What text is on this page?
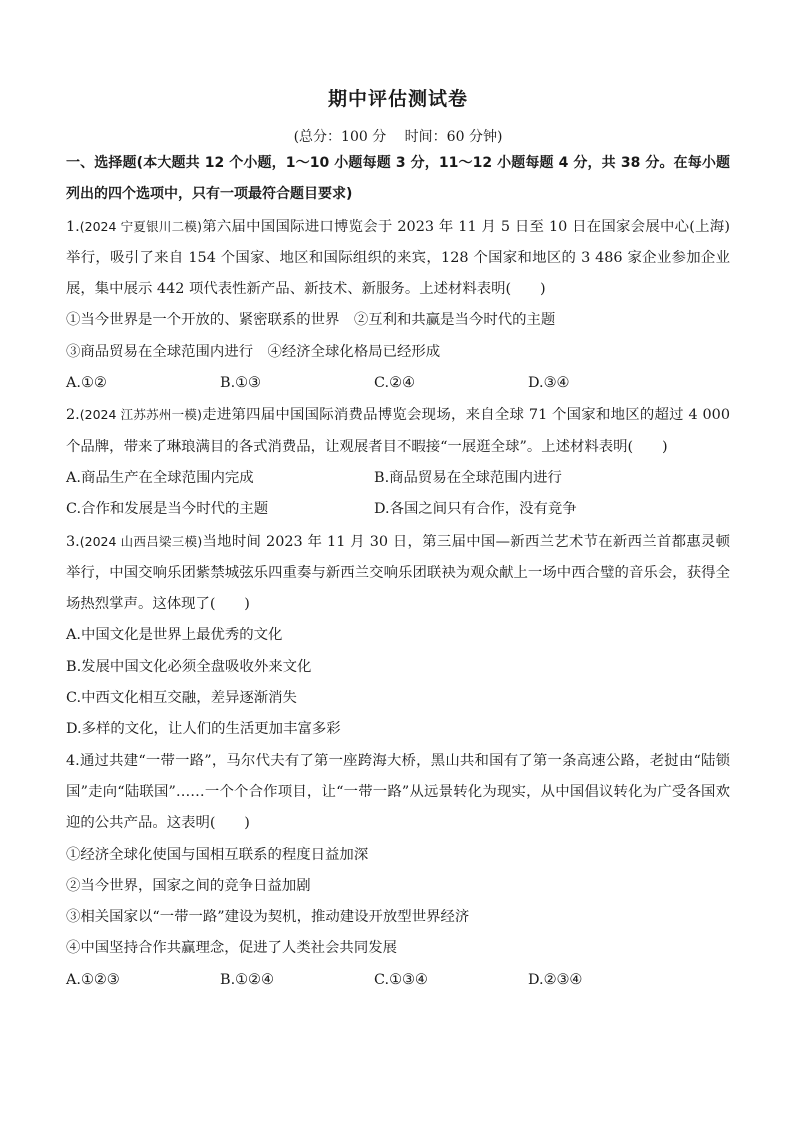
期中评估测试卷
(总分：100 分　 时间：60 分钟)
一、选择题(本大题共 12 个小题，1～10 小题每题 3 分，11～12 小题每题 4 分，共 38 分。在每小题列出的四个选项中，只有一项最符合题目要求)
1.(2024 宁夏银川二模)第六届中国国际进口博览会于 2023 年 11 月 5 日至 10 日在国家会展中心(上海)举行，吸引了来自 154 个国家、地区和国际组织的来宾，128 个国家和地区的 3 486 家企业参加企业展，集中展示 442 项代表性新产品、新技术、新服务。上述材料表明(　　)
①当今世界是一个开放的、紧密联系的世界　②互利和共赢是当今时代的主题
③商品贸易在全球范围内进行　④经济全球化格局已经形成
A.①②	B.①③	C.②④	D.③④
2.(2024 江苏苏州一模)走进第四届中国国际消费品博览会现场，来自全球 71 个国家和地区的超过 4 000 个品牌，带来了琳琅满目的各式消费品，让观展者目不暇接“一展逛全球”。上述材料表明(　　)
A.商品生产在全球范围内完成	B.商品贸易在全球范围内进行
C.合作和发展是当今时代的主题	D.各国之间只有合作，没有竞争
3.(2024 山西吕梁三模)当地时间 2023 年 11 月 30 日，第三届中国—新西兰艺术节在新西兰首都惠灵顿举行，中国交响乐团紫禁城弦乐四重奏与新西兰交响乐团联袂为观众献上一场中西合璧的音乐会，获得全场热烈掌声。这体现了(　　)
A.中国文化是世界上最优秀的文化
B.发展中国文化必须全盘吸收外来文化
C.中西文化相互交融，差异逐渐消失
D.多样的文化，让人们的生活更加丰富多彩
4.通过共建“一带一路”，马尔代夫有了第一座跨海大桥，黑山共和国有了第一条高速公路，老挝由“陆锁国”走向“陆联国”……一个个合作项目，让“一带一路”从远景转化为现实，从中国倡议转化为广受各国欢迎的公共产品。这表明(　　)
①经济全球化使国与国相互联系的程度日益加深
②当今世界，国家之间的竞争日益加剧
③相关国家以“一带一路”建设为契机，推动建设开放型世界经济
④中国坚持合作共赢理念，促进了人类社会共同发展
A.①②③	B.①②④	C.①③④	D.②③④
